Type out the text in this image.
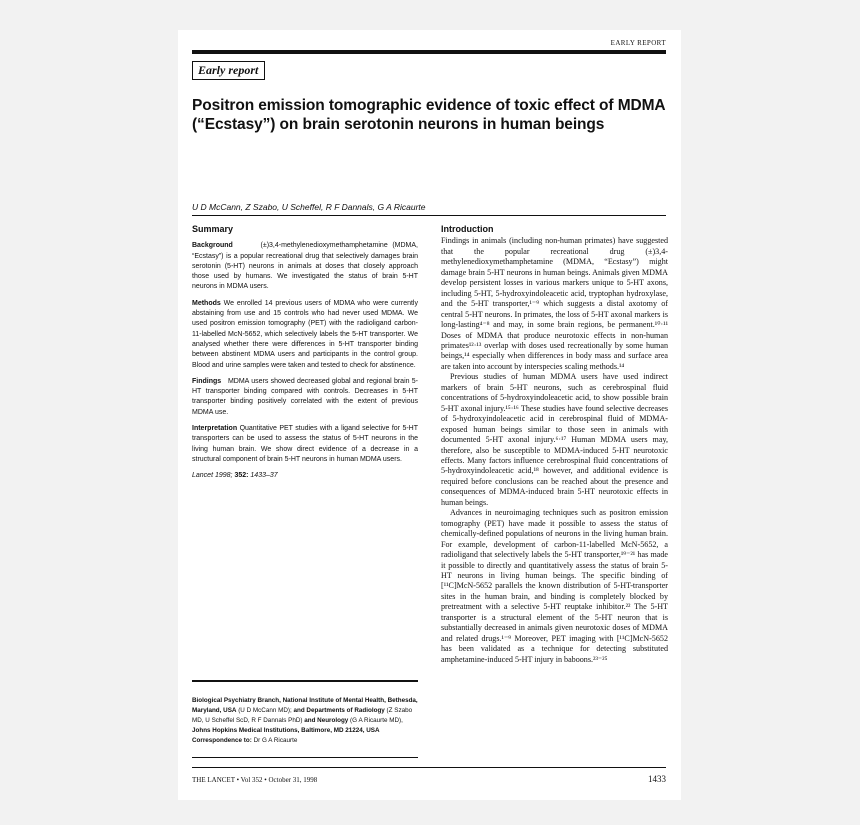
EARLY REPORT
Early report
Positron emission tomographic evidence of toxic effect of MDMA (“Ecstasy”) on brain serotonin neurons in human beings
U D McCann, Z Szabo, U Scheffel, R F Dannals, G A Ricaurte
Summary

Background	(±)3,4-methylenedioxymethamphetamine (MDMA, “Ecstasy”) is a popular recreational drug that selectively damages brain serotonin (5-HT) neurons in animals at doses that closely approach those used by humans. We investigated the status of brain 5-HT neurons in MDMA users.

Methods We enrolled 14 previous users of MDMA who were currently abstaining from use and 15 controls who had never used MDMA. We used positron emission tomography (PET) with the radioligand carbon-11-labelled McN-5652, which selectively labels the 5-HT transporter. We analysed whether there were differences in 5-HT transporter binding between abstinent MDMA users and participants in the control group. Blood and urine samples were taken and tested to check for abstinence.

Findings MDMA users showed decreased global and regional brain 5-HT transporter binding compared with controls. Decreases in 5-HT transporter binding positively correlated with the extent of previous MDMA use.

Interpretation Quantitative PET studies with a ligand selective for 5-HT transporters can be used to assess the status of 5-HT neurons in the living human brain. We show direct evidence of a decrease in a structural component of brain 5-HT neurons in human MDMA users.

Lancet 1998; 352: 1433–37

Biological Psychiatry Branch, National Institute of Mental Health, Bethesda, Maryland, USA (U D McCann MD); and Departments of Radiology (Z Szabo MD, U Scheffel ScD, R F Dannals PhD) and Neurology (G A Ricaurte MD), Johns Hopkins Medical Institutions, Baltimore, MD 21224, USA
Correspondence to: Dr G A Ricaurte
Introduction

Findings in animals (including non-human primates) have suggested that the popular recreational drug (±)3,4-methylenedioxymethamphetamine (MDMA, “Ecstasy”) might damage brain 5-HT neurons in human beings. Animals given MDMA develop persistent losses in various markers unique to 5-HT axons, including 5-HT, 5-hydroxyindoleacetic acid, tryptophan hydroxylase, and the 5-HT transporter,¹⁻⁹ which suggests a distal axotomy of central 5-HT neurons. In primates, the loss of 5-HT axonal markers is long-lasting⁴⁻⁸ and may, in some brain regions, be permanent.¹⁰·¹¹ Doses of MDMA that produce neurotoxic effects in non-human primates¹²·¹³ overlap with doses used recreationally by some human beings,¹⁴ especially when differences in body mass and surface area are taken into account by interspecies scaling methods.¹⁴

Previous studies of human MDMA users have used indirect markers of brain 5-HT neurons, such as cerebrospinal fluid concentrations of 5-hydroxyindoleacetic acid, to show possible brain 5-HT axonal injury.¹⁵·¹⁶ These studies have found selective decreases of 5-hydroxyindoleacetic acid in cerebrospinal fluid of MDMA-exposed human beings similar to those seen in animals with documented 5-HT axonal injury.⁶·¹⁷ Human MDMA users may, therefore, also be susceptible to MDMA-induced 5-HT neurotoxic effects. Many factors influence cerebrospinal fluid concentrations of 5-hydroxyindoleacetic acid,¹⁸ however, and additional evidence is required before conclusions can be reached about the presence and consequences of MDMA-induced brain 5-HT neurotoxic effects in human beings.

Advances in neuroimaging techniques such as positron emission tomography (PET) have made it possible to assess the status of chemically-defined populations of neurons in the living human brain. For example, development of carbon-11-labelled McN-5652, a radioligand that selectively labels the 5-HT transporter,¹⁹⁻²¹ has made it possible to directly and quantitatively assess the status of brain 5-HT neurons in living human beings. The specific binding of [¹¹C]McN-5652 parallels the known distribution of 5-HT-transporter sites in the human brain, and binding is completely blocked by pretreatment with a selective 5-HT reuptake inhibitor.²² The 5-HT transporter is a structural element of the 5-HT neuron that is substantially decreased in animals given neurotoxic doses of MDMA and related drugs.¹⁻⁹ Moreover, PET imaging with [¹¹C]McN-5652 has been validated as a technique for detecting substituted amphetamine-induced 5-HT injury in baboons.²³⁻²⁵

THE LANCET • Vol 352 • October 31, 1998	1433
